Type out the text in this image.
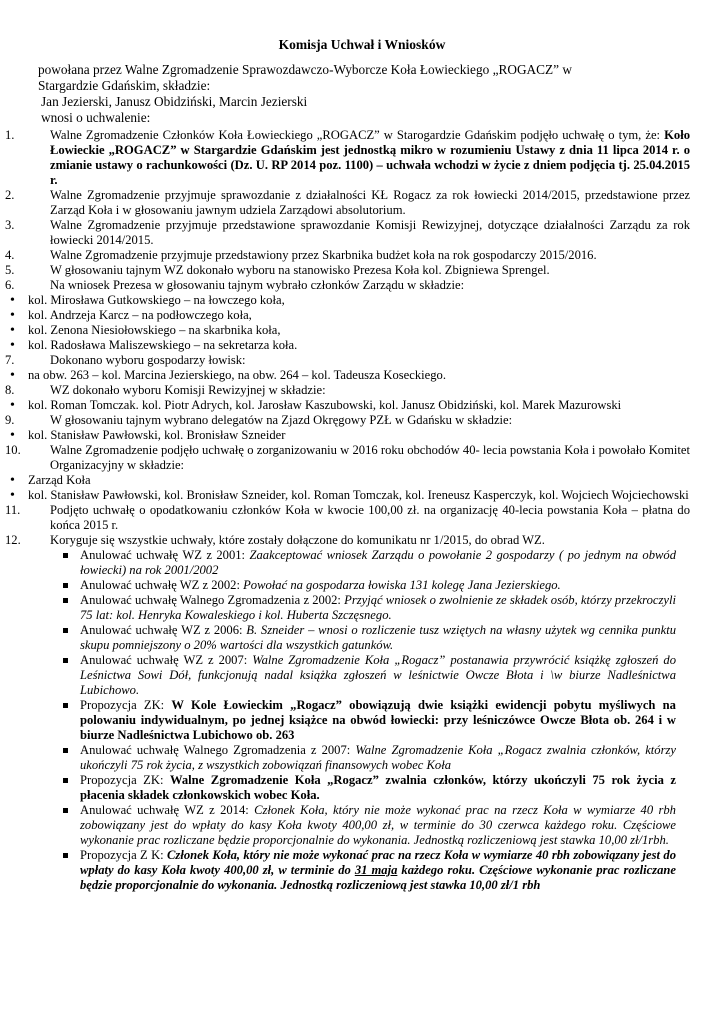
Komisja Uchwał i Wniosków
powołana przez Walne Zgromadzenie Sprawozdawczo-Wyborcze Koła Łowieckiego „ROGACZ” w
Stargardzie Gdańskim, składzie:
Jan Jezierski, Janusz Obidziński, Marcin Jezierski
wnosi o uchwalenie:
1.	Walne Zgromadzenie Członków Koła Łowieckiego „ROGACZ” w Starogardzie Gdańskim podjęło uchwałę o tym, że: Koło Łowieckie „ROGACZ” w Stargardzie Gdańskim jest jednostką mikro w rozumieniu Ustawy z dnia 11 lipca 2014 r. o zmianie ustawy o rachunkowości (Dz. U. RP 2014 poz. 1100) – uchwała wchodzi w życie z dniem podjęcia tj. 25.04.2015 r.
2.	Walne Zgromadzenie przyjmuje sprawozdanie z działalności KŁ Rogacz za rok łowiecki 2014/2015, przedstawione przez Zarząd Koła i w głosowaniu jawnym udziela Zarządowi absolutorium.
3.	Walne Zgromadzenie przyjmuje przedstawione sprawozdanie Komisji Rewizyjnej, dotyczące działalności Zarządu za rok łowiecki 2014/2015.
4.	Walne Zgromadzenie przyjmuje przedstawiony przez Skarbnika budżet koła na rok gospodarczy 2015/2016.
5.	W głosowaniu tajnym WZ dokonało wyboru na stanowisko Prezesa Koła kol. Zbigniewa Sprengel.
6.	Na wniosek Prezesa w głosowaniu tajnym wybrało członków Zarządu w składzie:
• kol. Mirosława Gutkowskiego – na łowczego koła,
• kol. Andrzeja Karcz – na podłowczego koła,
• kol. Zenona Niesiołowskiego – na skarbnika koła,
• kol. Radosława Maliszewskiego – na sekretarza koła.
7.	Dokonano wyboru gospodarzy łowisk:
• na obw. 263 – kol. Marcina Jezierskiego, na obw. 264 – kol. Tadeusza Koseckiego.
8.	WZ dokonało wyboru Komisji Rewizyjnej w składzie:
• kol. Roman Tomczak. kol. Piotr Adrych, kol. Jarosław Kaszubowski, kol. Janusz Obidziński, kol. Marek Mazurowski
9.	W głosowaniu tajnym wybrano delegatów na Zjazd Okręgowy PZŁ w Gdańsku w składzie:
• kol. Stanisław Pawłowski, kol. Bronisław Szneider
10.	Walne Zgromadzenie podjęło uchwałę o zorganizowaniu w 2016 roku obchodów 40- lecia powstania Koła i powołało Komitet Organizacyjny w składzie:
• Zarząd Koła
• kol. Stanisław Pawłowski, kol. Bronisław Szneider, kol. Roman Tomczak, kol. Ireneusz Kasperczyk, kol. Wojciech Wojciechowski
11.	Podjęto uchwałę o opodatkowaniu członków Koła w kwocie 100,00 zł. na organizację 40-lecia powstania Koła – płatna do końca 2015 r.
12.	Koryguje się wszystkie uchwały, które zostały dołączone do komunikatu nr 1/2015, do obrad WZ.
Anulować uchwałę WZ z 2001: Zaakceptować wniosek Zarządu o powołanie 2 gospodarzy ( po jednym na obwód łowiecki) na rok 2001/2002
Anulować uchwałę WZ z 2002: Powołać na gospodarza łowiska 131 kolegę Jana Jezierskiego.
Anulować uchwałę Walnego Zgromadzenia z 2002: Przyjąć wniosek o zwolnienie ze składek osób, którzy przekroczyli 75 lat: kol. Henryka Kowaleskiego i kol. Huberta Szczęsnego.
Anulować uchwałę WZ z 2006: B. Szneider – wnosi o rozliczenie tusz wziętych na własny użytek wg cennika punktu skupu pomniejszony o 20% wartości dla wszystkich gatunków.
Anulować uchwałę WZ z 2007: Walne Zgromadzenie Koła „Rogacz” postanawia przywrócić książkę zgłoszeń do Leśnictwa Sowi Dół, funkcjonują nadal książka zgłoszeń w leśnictwie Owcze Błota i \w biurze Nadleśnictwa Lubichowo.
Propozycja ZK: W Kole Łowieckim „Rogacz” obowiązują dwie książki ewidencji pobytu myśliwych na polowaniu indywidualnym, po jednej książce na obwód łowiecki: przy leśniczówce Owcze Błota ob. 264 i w biurze Nadleśnictwa Lubichowo ob. 263
Anulować uchwałę Walnego Zgromadzenia z 2007: Walne Zgromadzenie Koła „Rogacz zwalnia członków, którzy ukończyli 75 rok życia, z wszystkich zobowiązań finansowych wobec Koła
Propozycja ZK: Walne Zgromadzenie Koła „Rogacz” zwalnia członków, którzy ukończyli 75 rok życia z płacenia składek członkowskich wobec Koła.
Anulować uchwałę WZ z 2014: Członek Koła, który nie może wykonać prac na rzecz Koła w wymiarze 40 rbh zobowiązany jest do wpłaty do kasy Koła kwoty 400,00 zł, w terminie do 30 czerwca każdego roku. Częściowe wykonanie prac rozliczane będzie proporcjonalnie do wykonania. Jednostką rozliczeniową jest stawka 10,00 zł/1rbh.
Propozycja Z K: Członek Koła, który nie może wykonać prac na rzecz Koła w wymiarze 40 rbh zobowiązany jest do wpłaty do kasy Koła kwoty 400,00 zł, w terminie do 31 maja każdego roku. Częściowe wykonanie prac rozliczane będzie proporcjonalnie do wykonania. Jednostką rozliczeniową jest stawka 10,00 zł/1 rbh
